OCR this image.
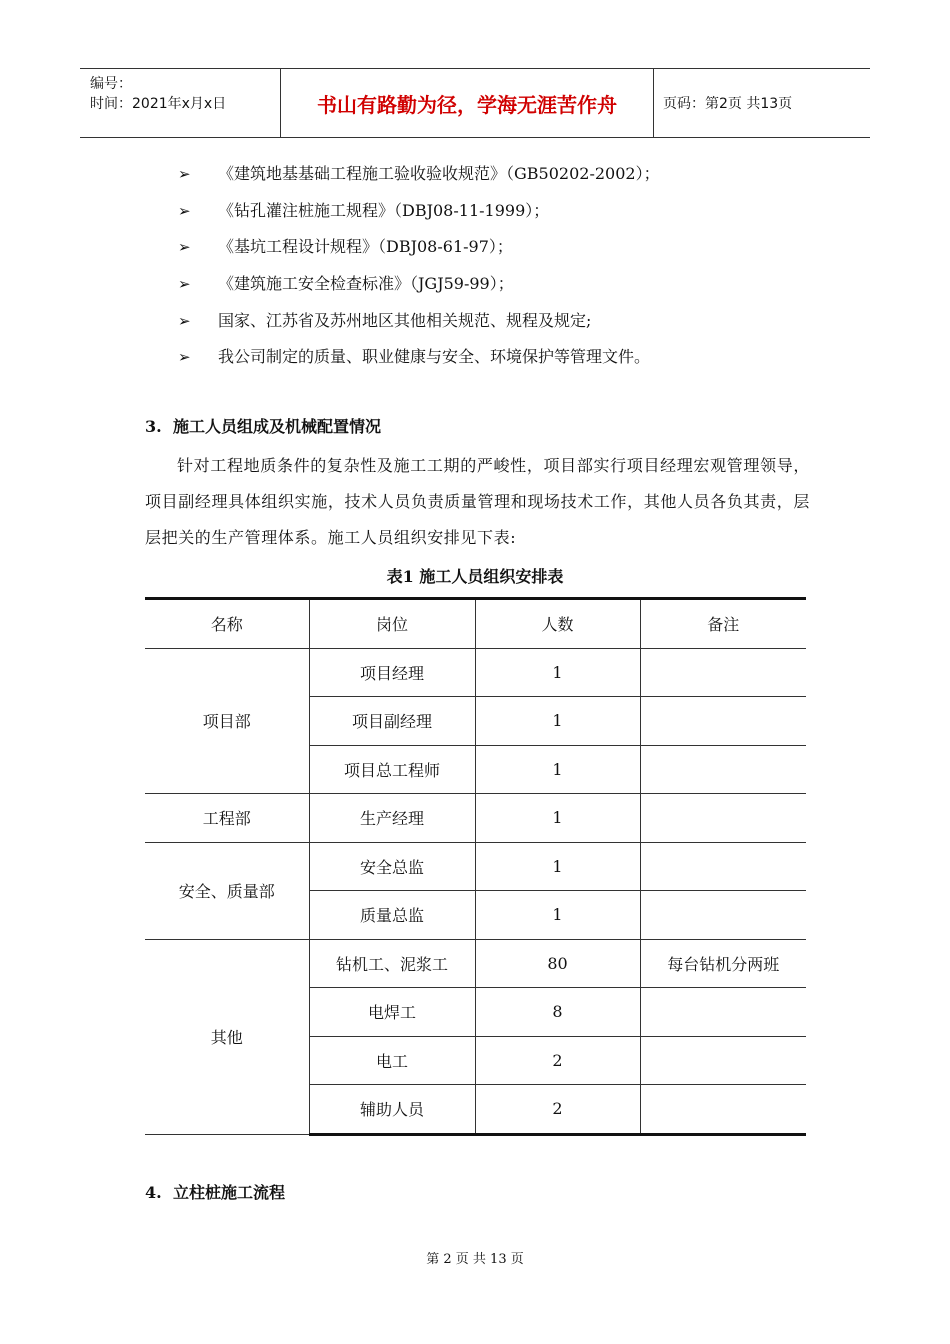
编号：
时间：2021年x月x日	书山有路勤为径，学海无涯苦作舟	页码：第2页 共13页
➢	《建筑地基基础工程施工验收验收规范》（GB50202-2002）；
➢	《钻孔灌注桩施工规程》（DBJ08-11-1999）；
➢	《基坑工程设计规程》（DBJ08-61-97）；
➢	《建筑施工安全检查标准》（JGJ59-99）；
➢	国家、江苏省及苏州地区其他相关规范、规程及规定;
➢	我公司制定的质量、职业健康与安全、环境保护等管理文件。
3. 施工人员组成及机械配置情况

针对工程地质条件的复杂性及施工工期的严峻性，项目部实行项目经理宏观管理领导，项目副经理具体组织实施，技术人员负责质量管理和现场技术工作，其他人员各负其责，层层把关的生产管理体系。施工人员组织安排见下表:

表1 施工人员组织安排表
名称	岗位	人数	备注
项目部	项目经理	1	
	项目副经理	1	
	项目总工程师	1	
工程部	生产经理	1	
安全、质量部	安全总监	1	
	质量总监	1	
其他	钻机工、泥浆工	80	每台钻机分两班
	电焊工	8	
	电工	2	
	辅助人员	2	
4. 立柱桩施工流程
第 2 页 共 13 页
